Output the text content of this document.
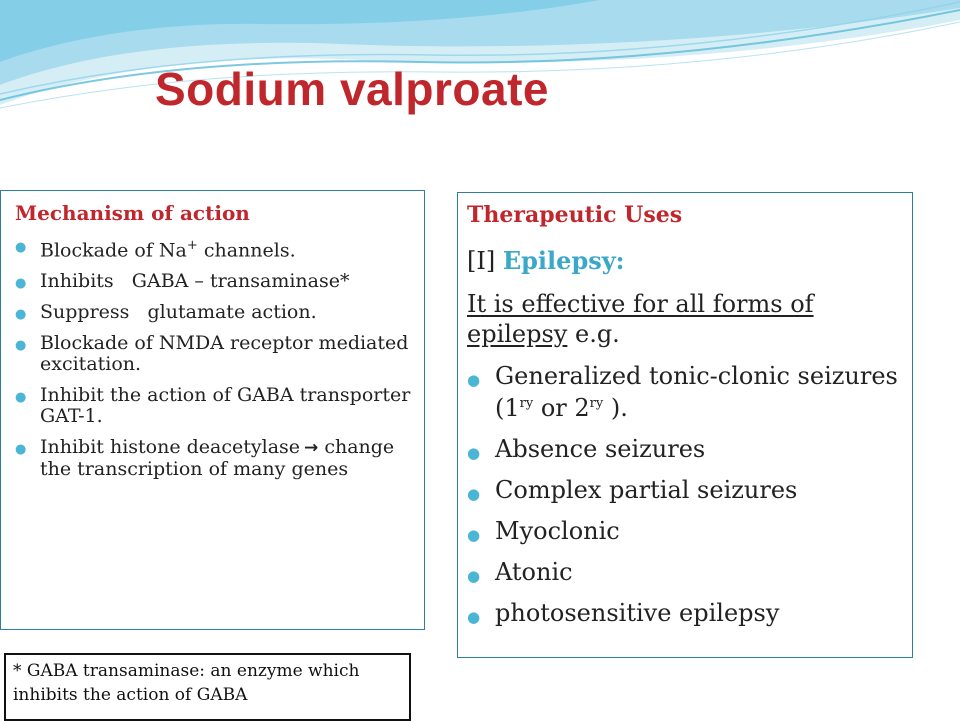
Sodium valproate
Mechanism of action
● Blockade of Na+ channels.
● Inhibits   GABA – transaminase*
● Suppress   glutamate action.
● Blockade of NMDA receptor mediated excitation.
● Inhibit the action of GABA transporter GAT-1.
● Inhibit histone deacetylase → change the transcription of many genes
Therapeutic Uses
[I] Epilepsy:
It is effective for all forms of epilepsy e.g.
● Generalized tonic-clonic seizures ($1^{ry}$ or $2^{ry}$ ).
● Absence seizures
● Complex partial seizures
● Myoclonic
● Atonic
● photosensitive epilepsy
* GABA transaminase: an enzyme which inhibits the action of GABA
